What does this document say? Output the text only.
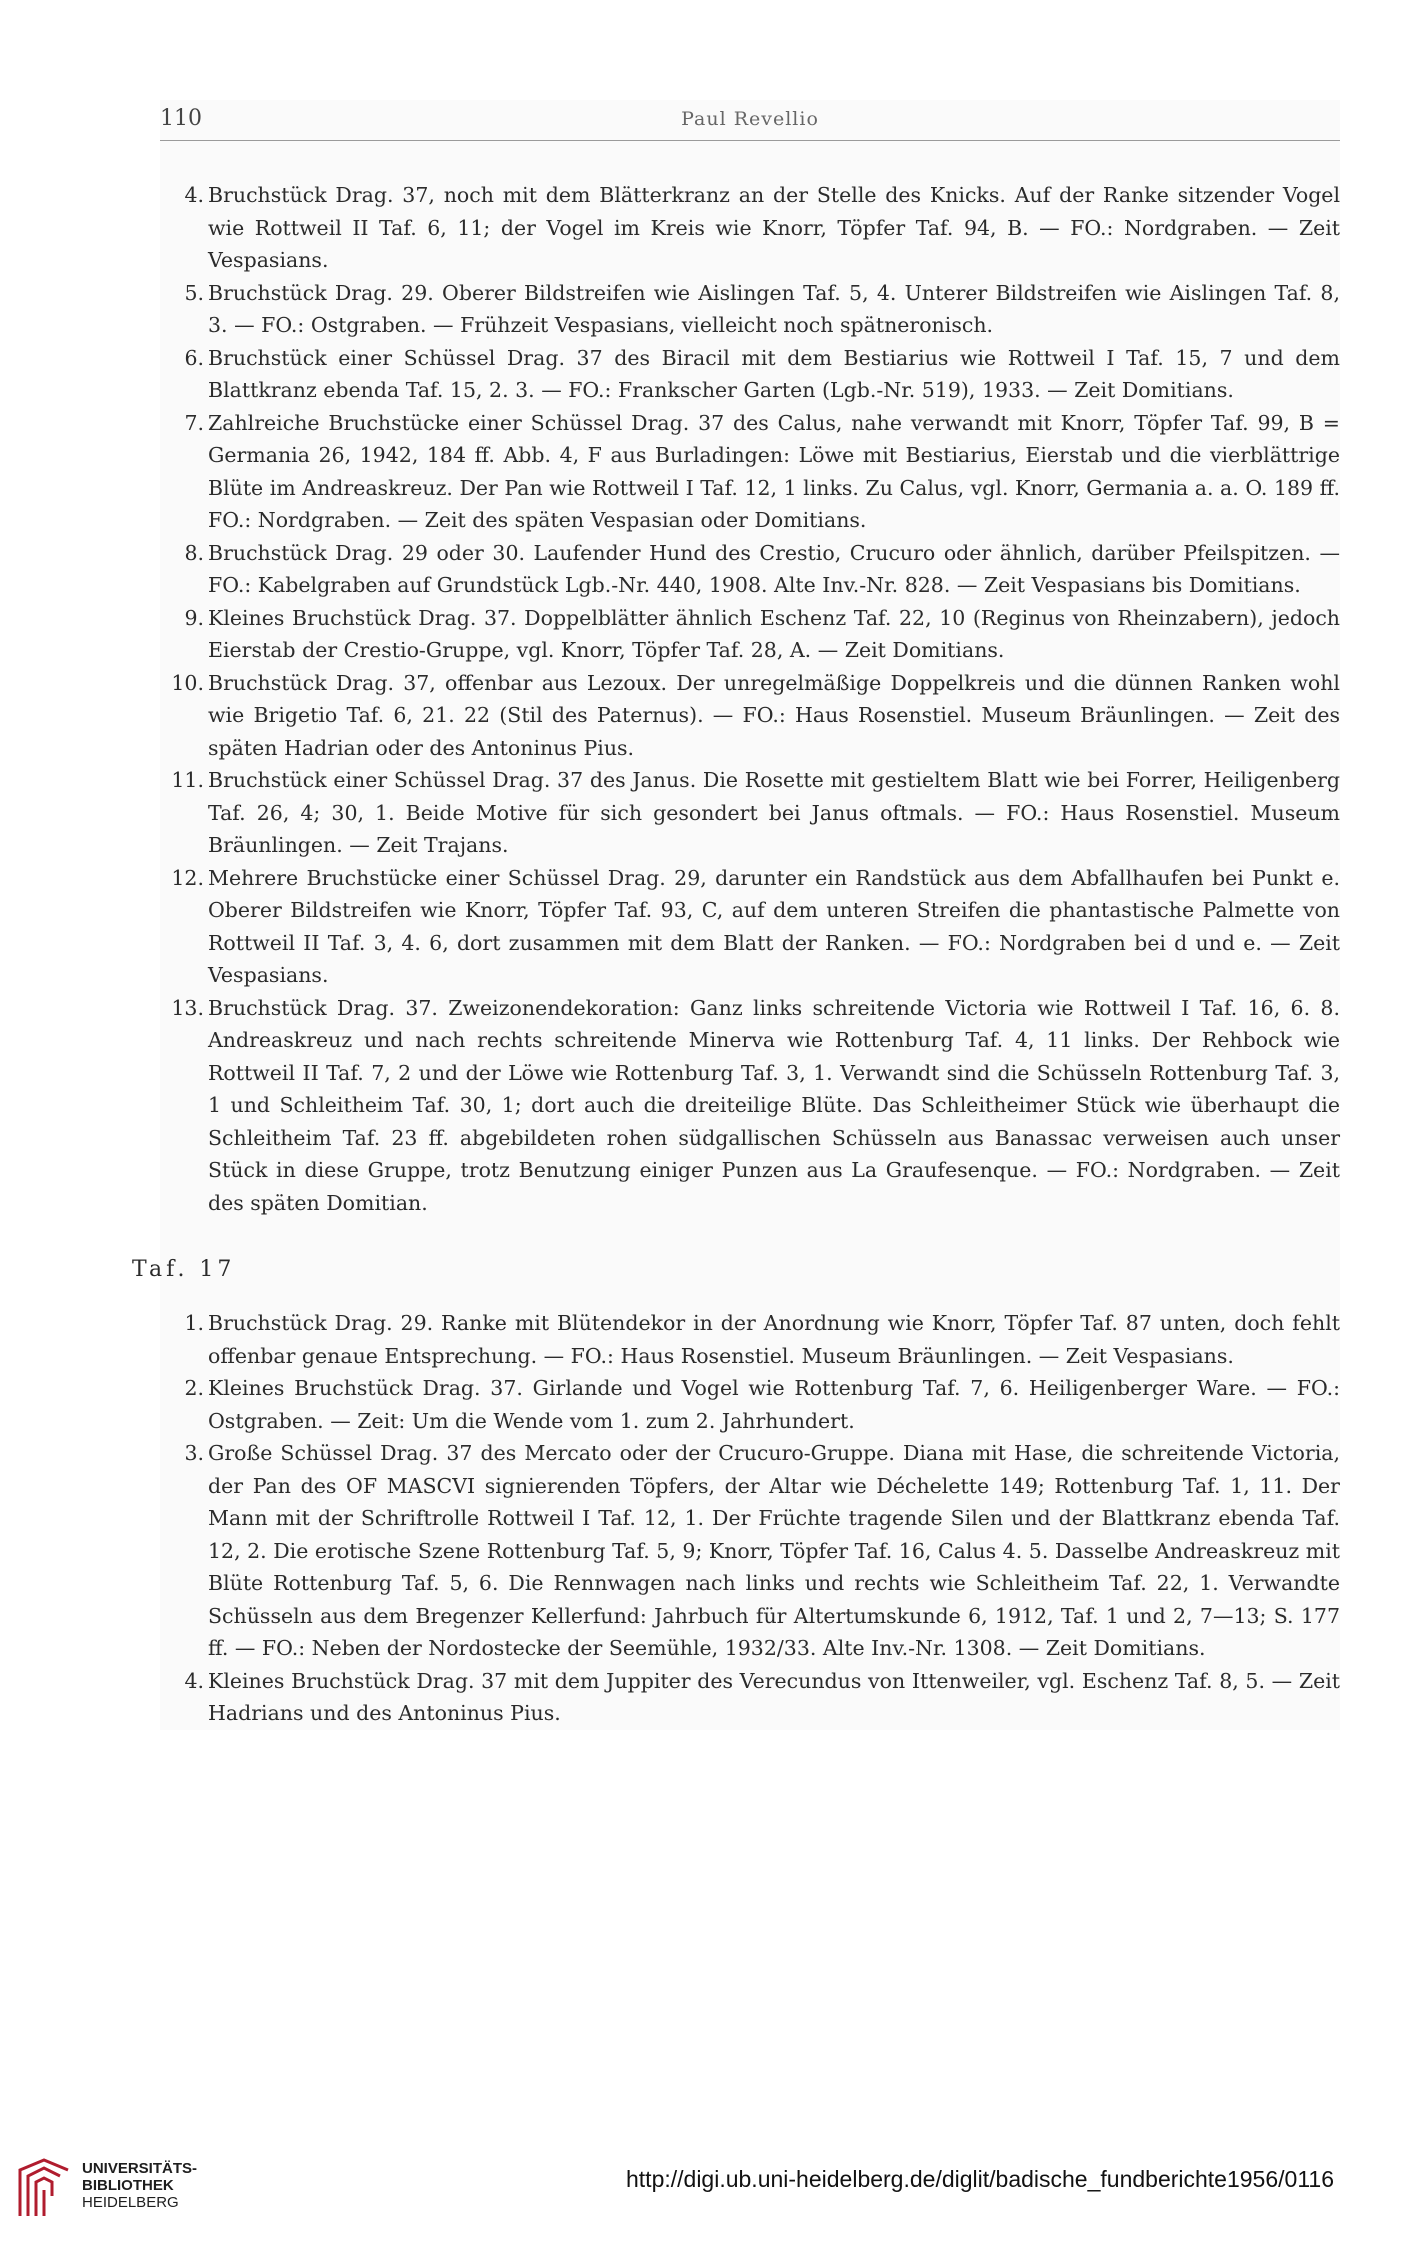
110	Paul Revellio

4. Bruchstück Drag. 37, noch mit dem Blätterkranz an der Stelle des Knicks. Auf der Ranke sitzender Vogel wie Rottweil II Taf. 6, 11; der Vogel im Kreis wie Knorr, Töpfer Taf. 94, B. — FO.: Nordgraben. — Zeit Vespasians.

5. Bruchstück Drag. 29. Oberer Bildstreifen wie Aislingen Taf. 5, 4. Unterer Bildstreifen wie Aislingen Taf. 8, 3. — FO.: Ostgraben. — Frühzeit Vespasians, vielleicht noch spätneronisch.

6. Bruchstück einer Schüssel Drag. 37 des Biracil mit dem Bestiarius wie Rottweil I Taf. 15, 7 und dem Blattkranz ebenda Taf. 15, 2. 3. — FO.: Frankscher Garten (Lgb.-Nr. 519), 1933. — Zeit Domitians.

7. Zahlreiche Bruchstücke einer Schüssel Drag. 37 des Calus, nahe verwandt mit Knorr, Töpfer Taf. 99, B = Germania 26, 1942, 184 ff. Abb. 4, F aus Burladingen: Löwe mit Bestiarius, Eierstab und die vierblättrige Blüte im Andreaskreuz. Der Pan wie Rottweil I Taf. 12, 1 links. Zu Calus, vgl. Knorr, Germania a. a. O. 189 ff. FO.: Nordgraben. — Zeit des späten Vespasian oder Domitians.

8. Bruchstück Drag. 29 oder 30. Laufender Hund des Crestio, Crucuro oder ähnlich, darüber Pfeilspitzen. — FO.: Kabelgraben auf Grundstück Lgb.-Nr. 440, 1908. Alte Inv.-Nr. 828. — Zeit Vespasians bis Domitians.

9. Kleines Bruchstück Drag. 37. Doppelblätter ähnlich Eschenz Taf. 22, 10 (Reginus von Rheinzabern), jedoch Eierstab der Crestio-Gruppe, vgl. Knorr, Töpfer Taf. 28, A. — Zeit Domitians.

10. Bruchstück Drag. 37, offenbar aus Lezoux. Der unregelmäßige Doppelkreis und die dünnen Ranken wohl wie Brigetio Taf. 6, 21. 22 (Stil des Paternus). — FO.: Haus Rosenstiel. Museum Bräunlingen. — Zeit des späten Hadrian oder des Antoninus Pius.

11. Bruchstück einer Schüssel Drag. 37 des Janus. Die Rosette mit gestieltem Blatt wie bei Forrer, Heiligenberg Taf. 26, 4; 30, 1. Beide Motive für sich gesondert bei Janus oftmals. — FO.: Haus Rosenstiel. Museum Bräunlingen. — Zeit Trajans.

12. Mehrere Bruchstücke einer Schüssel Drag. 29, darunter ein Randstück aus dem Abfallhaufen bei Punkt e. Oberer Bildstreifen wie Knorr, Töpfer Taf. 93, C, auf dem unteren Streifen die phantastische Palmette von Rottweil II Taf. 3, 4. 6, dort zusammen mit dem Blatt der Ranken. — FO.: Nordgraben bei d und e. — Zeit Vespasians.

13. Bruchstück Drag. 37. Zweizonendekoration: Ganz links schreitende Victoria wie Rottweil I Taf. 16, 6. 8. Andreaskreuz und nach rechts schreitende Minerva wie Rottenburg Taf. 4, 11 links. Der Rehbock wie Rottweil II Taf. 7, 2 und der Löwe wie Rottenburg Taf. 3, 1. Verwandt sind die Schüsseln Rottenburg Taf. 3, 1 und Schleitheim Taf. 30, 1; dort auch die dreiteilige Blüte. Das Schleitheimer Stück wie überhaupt die Schleitheim Taf. 23 ff. abgebildeten rohen südgallischen Schüsseln aus Banassac verweisen auch unser Stück in diese Gruppe, trotz Benutzung einiger Punzen aus La Graufesenque. — FO.: Nordgraben. — Zeit des späten Domitian.

Taf. 17

1. Bruchstück Drag. 29. Ranke mit Blütendekor in der Anordnung wie Knorr, Töpfer Taf. 87 unten, doch fehlt offenbar genaue Entsprechung. — FO.: Haus Rosenstiel. Museum Bräunlingen. — Zeit Vespasians.

2. Kleines Bruchstück Drag. 37. Girlande und Vogel wie Rottenburg Taf. 7, 6. Heiligenberger Ware. — FO.: Ostgraben. — Zeit: Um die Wende vom 1. zum 2. Jahrhundert.

3. Große Schüssel Drag. 37 des Mercato oder der Crucuro-Gruppe. Diana mit Hase, die schreitende Victoria, der Pan des OF MASCVI signierenden Töpfers, der Altar wie Déchelette 149; Rottenburg Taf. 1, 11. Der Mann mit der Schriftrolle Rottweil I Taf. 12, 1. Der Früchte tragende Silen und der Blattkranz ebenda Taf. 12, 2. Die erotische Szene Rottenburg Taf. 5, 9; Knorr, Töpfer Taf. 16, Calus 4. 5. Dasselbe Andreaskreuz mit Blüte Rottenburg Taf. 5, 6. Die Rennwagen nach links und rechts wie Schleitheim Taf. 22, 1. Verwandte Schüsseln aus dem Bregenzer Kellerfund: Jahrbuch für Altertumskunde 6, 1912, Taf. 1 und 2, 7—13; S. 177 ff. — FO.: Neben der Nordostecke der Seemühle, 1932/33. Alte Inv.-Nr. 1308. — Zeit Domitians.

4. Kleines Bruchstück Drag. 37 mit dem Juppiter des Verecundus von Ittenweiler, vgl. Eschenz Taf. 8, 5. — Zeit Hadrians und des Antoninus Pius.

UNIVERSITÄTS-
BIBLIOTHEK
HEIDELBERG
http://digi.ub.uni-heidelberg.de/diglit/badische_fundberichte1956/0116
